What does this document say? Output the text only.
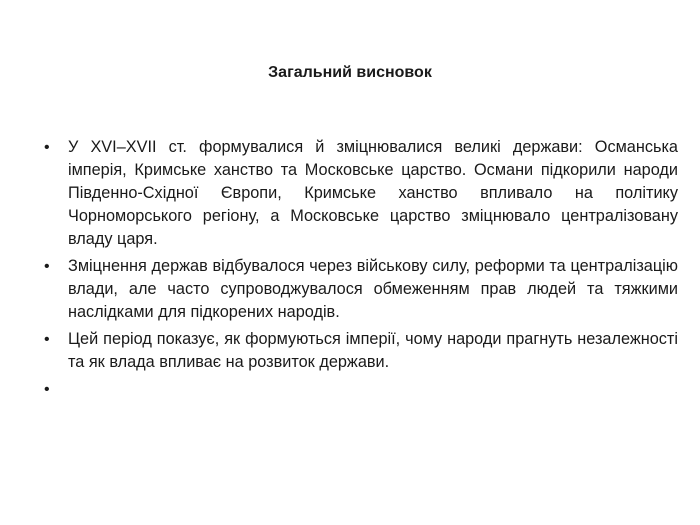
Загальний висновок
•	У XVI–XVII ст. формувалися й зміцнювалися великі держави: Османська імперія, Кримське ханство та Московське царство. Османи підкорили народи Південно-Східної Європи, Кримське ханство впливало на політику Чорноморського регіону, а Московське царство зміцнювало централізовану владу царя.
•	Зміцнення держав відбувалося через військову силу, реформи та централізацію влади, але часто супроводжувалося обмеженням прав людей та тяжкими наслідками для підкорених народів.
•	Цей період показує, як формуються імперії, чому народи прагнуть незалежності та як влада впливає на розвиток держави.
•
